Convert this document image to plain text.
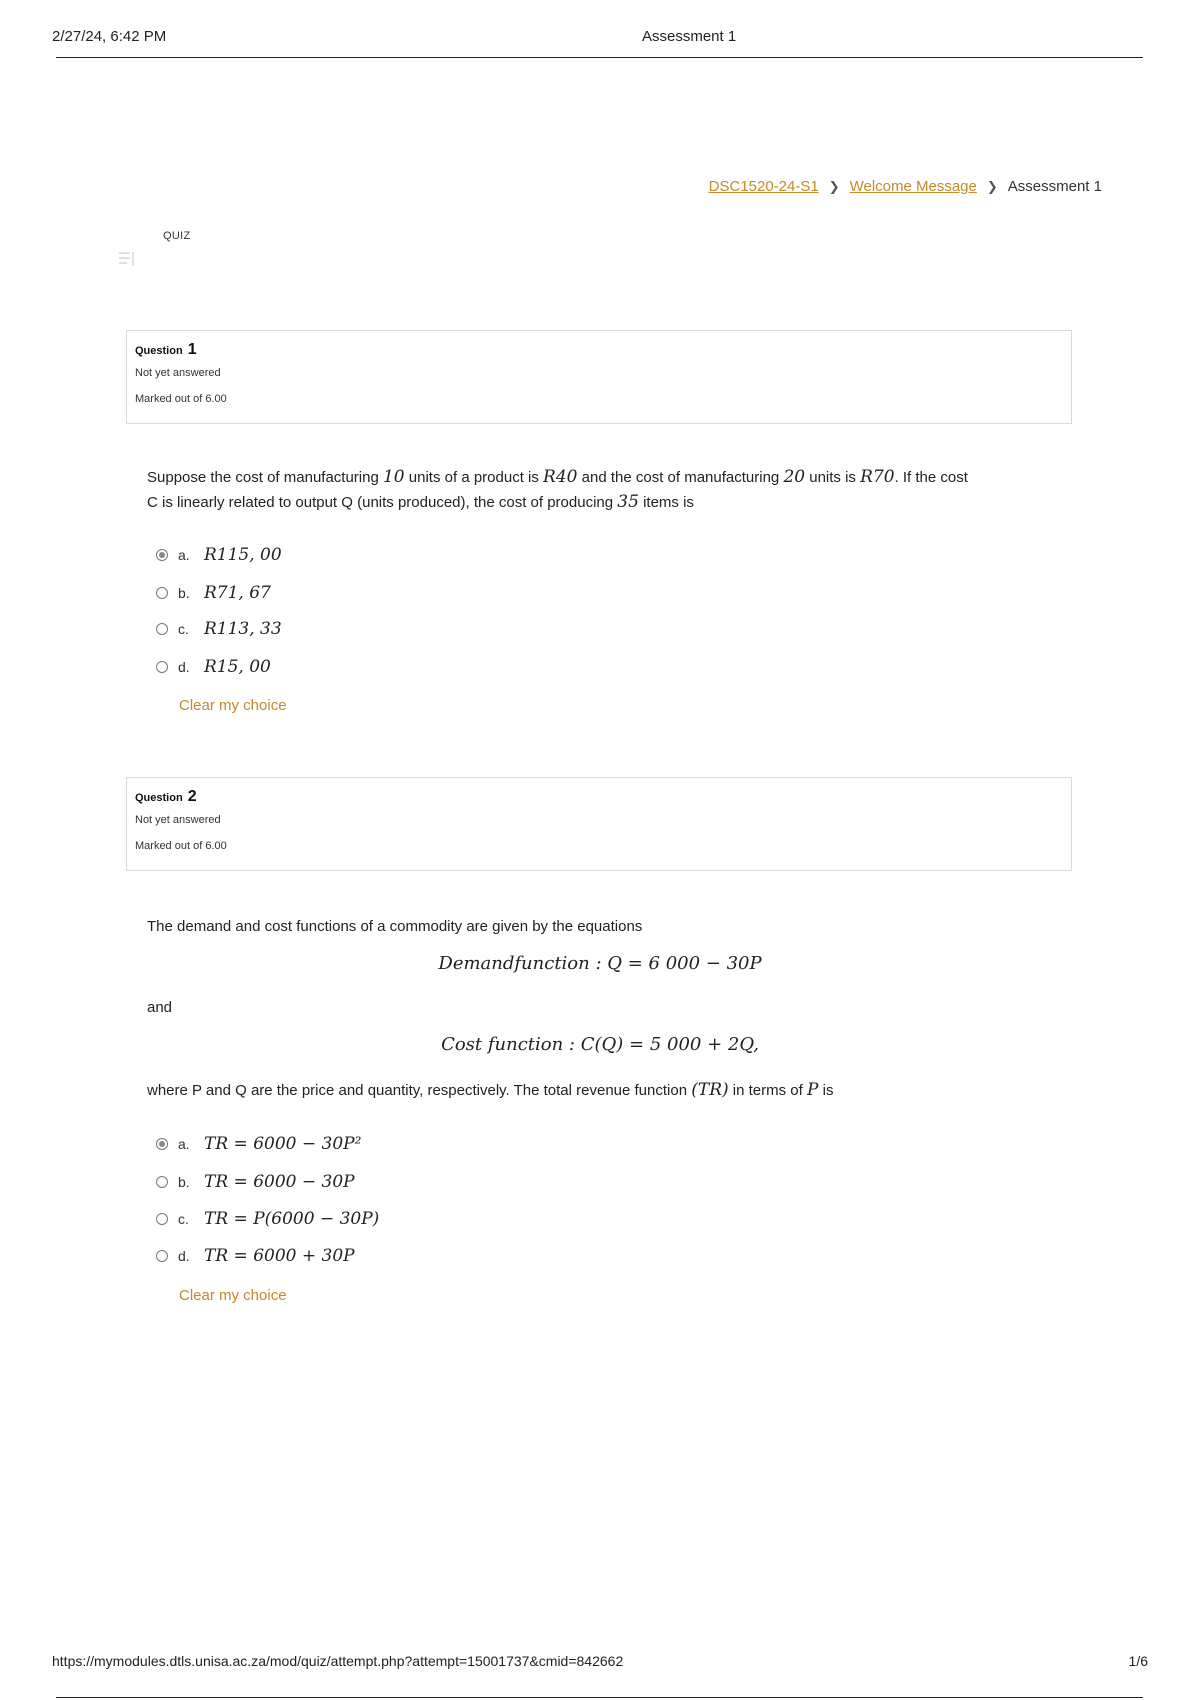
2/27/24, 6:42 PM	Assessment 1
DSC1520-24-S1 ❯ Welcome Message ❯ Assessment 1
QUIZ
Question 1
Not yet answered
Marked out of 6.00
Suppose the cost of manufacturing 10 units of a product is R40 and the cost of manufacturing 20 units is R70. If the cost
C is linearly related to output Q (units produced), the cost of producing 35 items is
a. R115, 00
b. R71, 67
c. R113, 33
d. R15, 00
Clear my choice
Question 2
Not yet answered
Marked out of 6.00
The demand and cost functions of a commodity are given by the equations
Demandfunction : Q = 6 000 − 30P
and
Cost function : C(Q) = 5 000 + 2Q,
where P and Q are the price and quantity, respectively. The total revenue function (TR) in terms of P is
a. TR = 6000 − 30P²
b. TR = 6000 − 30P
c. TR = P(6000 − 30P)
d. TR = 6000 + 30P
Clear my choice
https://mymodules.dtls.unisa.ac.za/mod/quiz/attempt.php?attempt=15001737&cmid=842662	1/6
